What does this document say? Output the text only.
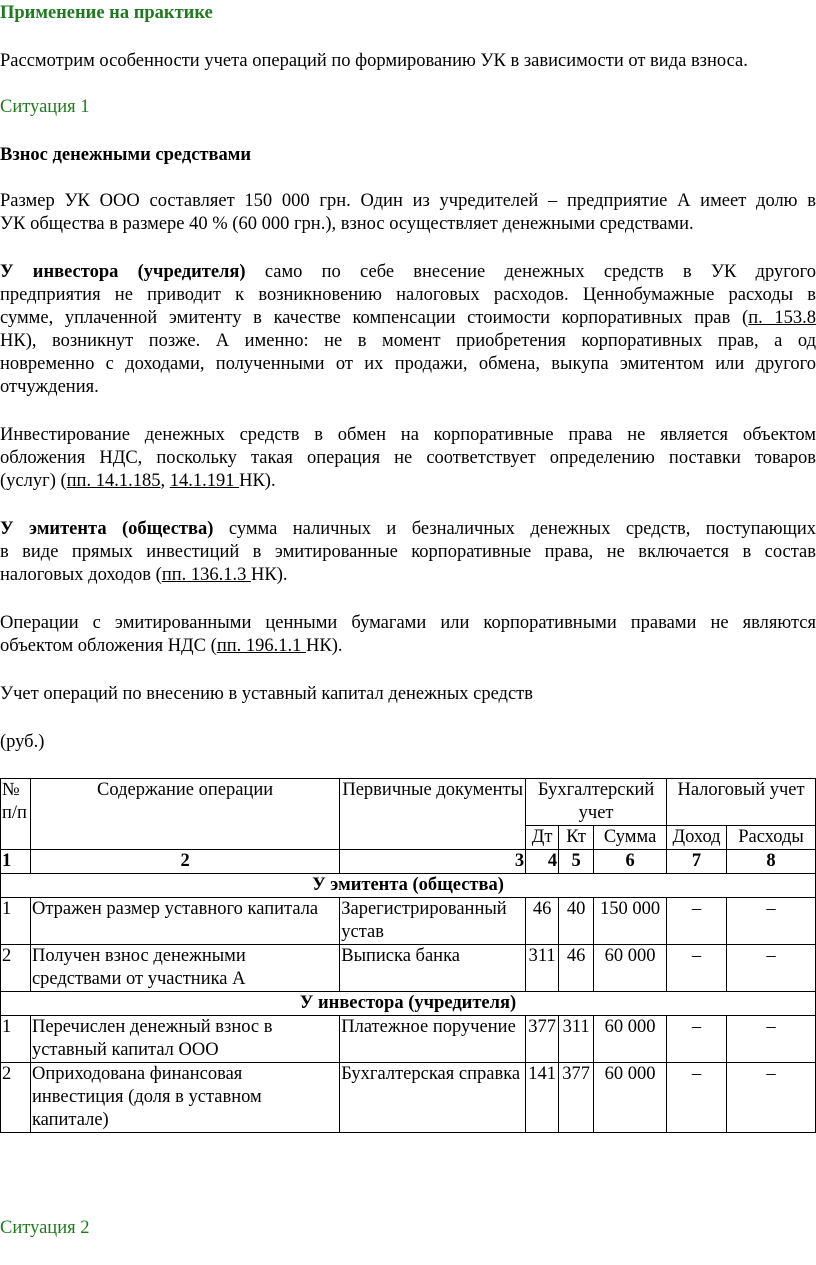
Применение на практике
Рассмотрим особенности учета операций по формированию УК в зависимости от вида взноса.
Ситуация 1
Взнос денежными средствами
Размер УК ООО составляет 150 000 грн. Один из учредителей – предприятие А имеет долю в
УК общества в размере 40 % (60 000 грн.), взнос осуществляет денежными средствами.
У инвестора (учредителя) само по себе внесение денежных средств в УК другого
предприятия не приводит к возникновению налоговых расходов. Ценнобумажные расходы в
сумме, уплаченной эмитенту в качестве компенсации стоимости корпоративных прав (п. 153.8
НК), возникнут позже. А именно: не в момент приобретения корпоративных прав, а од
новременно с доходами, полученными от их продажи, обмена, выкупа эмитентом или другого
отчуждения.
Инвестирование денежных средств в обмен на корпоративные права не является объектом
обложения НДС, поскольку такая операция не соответствует определению поставки товаров
(услуг) (пп. 14.1.185, 14.1.191 НК).
У эмитента (общества) сумма наличных и безналичных денежных средств, поступающих
в виде прямых инвестиций в эмитированные корпоративные права, не включается в состав
налоговых доходов (пп. 136.1.3 НК).
Операции с эмитированными ценными бумагами или корпоративными правами не являются
объектом обложения НДС (пп. 196.1.1 НК).
Учет операций по внесению в уставный капитал денежных средств
(руб.)
№ п/п	Содержание операции	Первичные документы	Бухгалтерский учет			Налоговый учет	
			Дт	Кт	Сумма	Доход	Расходы
1	2	3	4	5	6	7	8
У эмитента (общества)							
1	Отражен размер уставного капитала	Зарегистрированный устав	46	40	150 000	–	–
2	Получен взнос денежными средствами от участника А	Выписка банка	311	46	60 000	–	–
У инвестора (учредителя)							
1	Перечислен денежный взнос в уставный капитал ООО	Платежное поручение	377	311	60 000	–	–
2	Оприходована финансовая инвестиция (доля в уставном капитале)	Бухгалтерская справка	141	377	60 000	–	–
Ситуация 2
